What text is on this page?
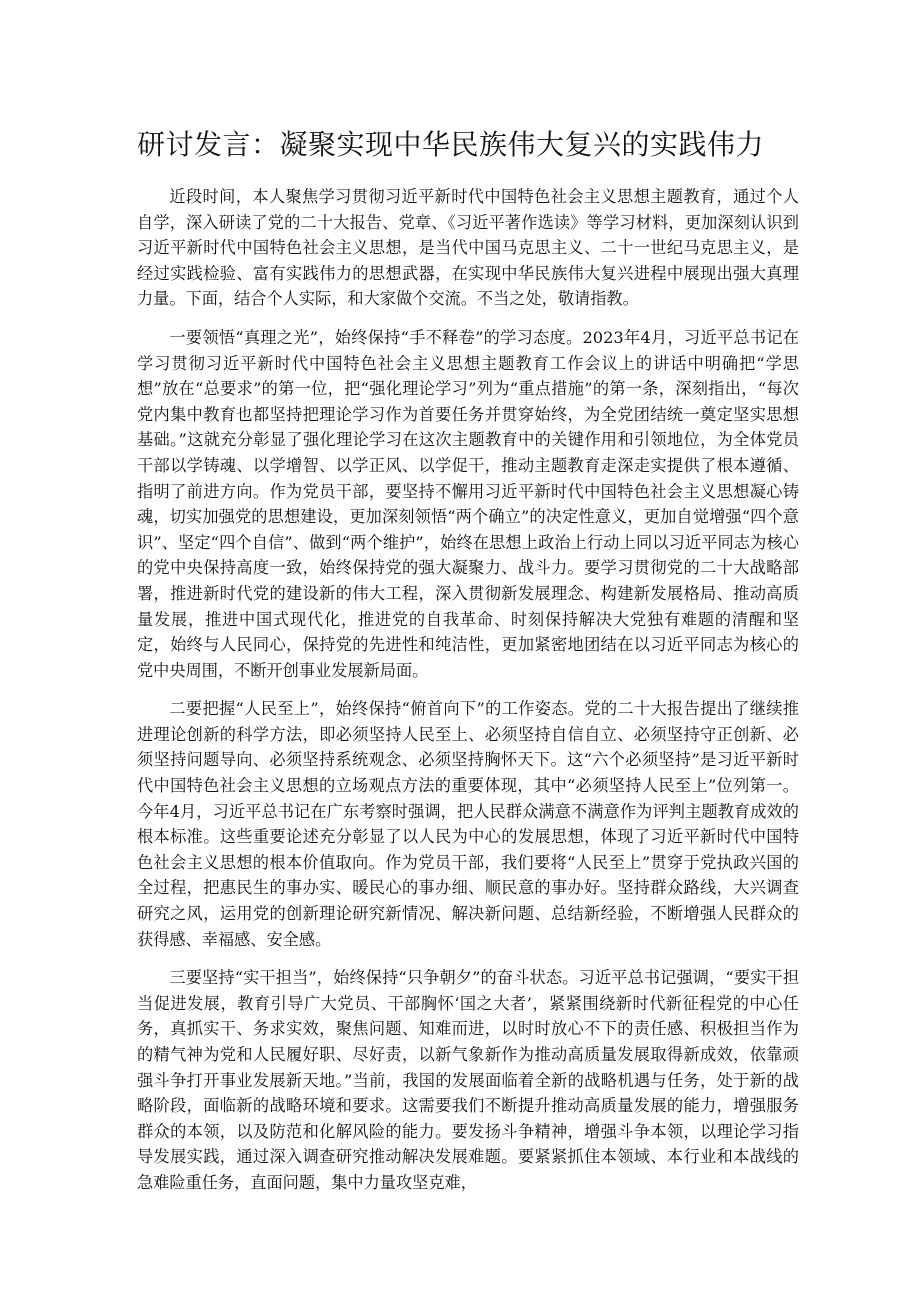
研讨发言：凝聚实现中华民族伟大复兴的实践伟力

近段时间，本人聚焦学习贯彻习近平新时代中国特色社会主义思想主题教育，通过个人自学，深入研读了党的二十大报告、党章、《习近平著作选读》等学习材料，更加深刻认识到习近平新时代中国特色社会主义思想，是当代中国马克思主义、二十一世纪马克思主义，是经过实践检验、富有实践伟力的思想武器，在实现中华民族伟大复兴进程中展现出强大真理力量。下面，结合个人实际，和大家做个交流。不当之处，敬请指教。

一要领悟“真理之光”，始终保持“手不释卷”的学习态度。2023年4月，习近平总书记在学习贯彻习近平新时代中国特色社会主义思想主题教育工作会议上的讲话中明确把“学思想”放在“总要求”的第一位，把“强化理论学习”列为“重点措施”的第一条，深刻指出，“每次党内集中教育也都坚持把理论学习作为首要任务并贯穿始终，为全党团结统一奠定坚实思想基础。”这就充分彰显了强化理论学习在这次主题教育中的关键作用和引领地位，为全体党员干部以学铸魂、以学增智、以学正风、以学促干，推动主题教育走深走实提供了根本遵循、指明了前进方向。作为党员干部，要坚持不懈用习近平新时代中国特色社会主义思想凝心铸魂，切实加强党的思想建设，更加深刻领悟“两个确立”的决定性意义，更加自觉增强“四个意识”、坚定“四个自信”、做到“两个维护”，始终在思想上政治上行动上同以习近平同志为核心的党中央保持高度一致，始终保持党的强大凝聚力、战斗力。要学习贯彻党的二十大战略部署，推进新时代党的建设新的伟大工程，深入贯彻新发展理念、构建新发展格局、推动高质量发展，推进中国式现代化，推进党的自我革命、时刻保持解决大党独有难题的清醒和坚定，始终与人民同心，保持党的先进性和纯洁性，更加紧密地团结在以习近平同志为核心的党中央周围，不断开创事业发展新局面。

二要把握“人民至上”，始终保持“俯首向下”的工作姿态。党的二十大报告提出了继续推进理论创新的科学方法，即必须坚持人民至上、必须坚持自信自立、必须坚持守正创新、必须坚持问题导向、必须坚持系统观念、必须坚持胸怀天下。这“六个必须坚持”是习近平新时代中国特色社会主义思想的立场观点方法的重要体现，其中“必须坚持人民至上”位列第一。今年4月，习近平总书记在广东考察时强调，把人民群众满意不满意作为评判主题教育成效的根本标准。这些重要论述充分彰显了以人民为中心的发展思想，体现了习近平新时代中国特色社会主义思想的根本价值取向。作为党员干部，我们要将“人民至上”贯穿于党执政兴国的全过程，把惠民生的事办实、暖民心的事办细、顺民意的事办好。坚持群众路线，大兴调查研究之风，运用党的创新理论研究新情况、解决新问题、总结新经验，不断增强人民群众的获得感、幸福感、安全感。

三要坚持“实干担当”，始终保持“只争朝夕”的奋斗状态。习近平总书记强调，“要实干担当促进发展，教育引导广大党员、干部胸怀‘国之大者’，紧紧围绕新时代新征程党的中心任务，真抓实干、务求实效，聚焦问题、知难而进，以时时放心不下的责任感、积极担当作为的精气神为党和人民履好职、尽好责，以新气象新作为推动高质量发展取得新成效，依靠顽强斗争打开事业发展新天地。”当前，我国的发展面临着全新的战略机遇与任务，处于新的战略阶段，面临新的战略环境和要求。这需要我们不断提升推动高质量发展的能力，增强服务群众的本领，以及防范和化解风险的能力。要发扬斗争精神，增强斗争本领，以理论学习指导发展实践，通过深入调查研究推动解决发展难题。要紧紧抓住本领域、本行业和本战线的急难险重任务，直面问题，集中力量攻坚克难，
